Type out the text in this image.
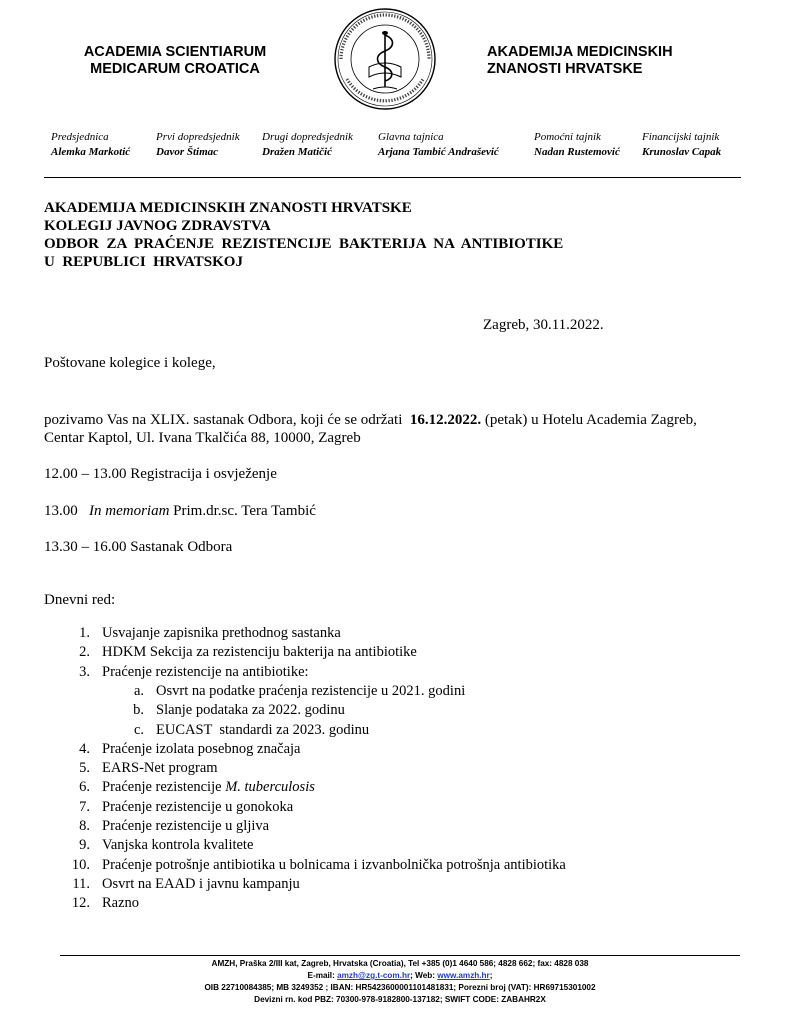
ACADEMIA SCIENTIARUM
MEDICARUM CROATICA
AKADEMIJA MEDICINSKIH
ZNANOSTI HRVATSKE
Predsjednica
Alemka Markotić
Prvi dopredsjednik
Davor Štimac
Drugi dopredsjednik
Dražen Matičić
Glavna tajnica
Arjana Tambić Andrašević
Pomoćni tajnik
Nadan Rustemović
Financijski tajnik
Krunoslav Capak
AKADEMIJA MEDICINSKIH ZNANOSTI HRVATSKE
KOLEGIJ JAVNOG ZDRAVSTVA
ODBOR  ZA  PRAĆENJE  REZISTENCIJE  BAKTERIJA  NA  ANTIBIOTIKE
U  REPUBLICI  HRVATSKOJ
Zagreb, 30.11.2022.
Poštovane kolegice i kolege,
pozivamo Vas na XLIX. sastanak Odbora, koji će se održati  16.12.2022. (petak) u Hotelu Academia Zagreb,
Centar Kaptol, Ul. Ivana Tkalčića 88, 10000, Zagreb
12.00 – 13.00 Registracija i osvježenje
13.00   In memoriam Prim.dr.sc. Tera Tambić
13.30 – 16.00 Sastanak Odbora
Dnevni red:
1. Usvajanje zapisnika prethodnog sastanka
2. HDKM Sekcija za rezistenciju bakterija na antibiotike
3. Praćenje rezistencije na antibiotike:
a. Osvrt na podatke praćenja rezistencije u 2021. godini
b. Slanje podataka za 2022. godinu
c. EUCAST  standardi za 2023. godinu
4. Praćenje izolata posebnog značaja
5. EARS-Net program
6. Praćenje rezistencije M. tuberculosis
7. Praćenje rezistencije u gonokoka
8. Praćenje rezistencije u gljiva
9. Vanjska kontrola kvalitete
10. Praćenje potrošnje antibiotika u bolnicama i izvanbolnička potrošnja antibiotika
11. Osvrt na EAAD i javnu kampanju
12. Razno
AMZH, Praška 2/III kat, Zagreb, Hrvatska (Croatia), Tel +385 (0)1 4640 586; 4828 662; fax: 4828 038
E-mail: amzh@zg.t-com.hr; Web: www.amzh.hr;
OIB 22710084385; MB 3249352 ; IBAN: HR5423600001101481831; Porezni broj (VAT): HR69715301002
Devizni rn. kod PBZ: 70300-978-9182800-137182; SWIFT CODE: ZABAHR2X
